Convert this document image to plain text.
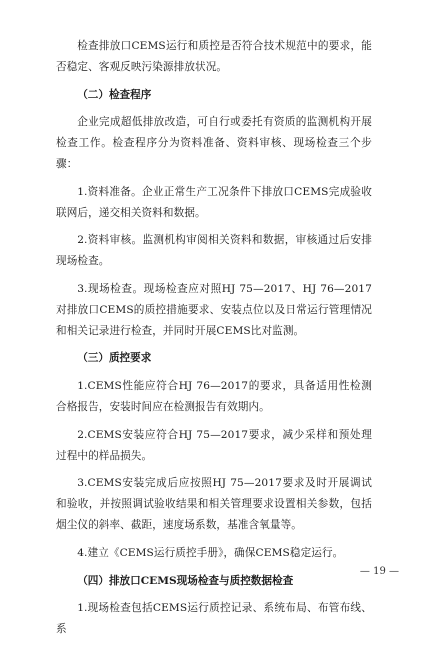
检查排放口CEMS运行和质控是否符合技术规范中的要求，能否稳定、客观反映污染源排放状况。

（二）检查程序

企业完成超低排放改造，可自行或委托有资质的监测机构开展检查工作。检查程序分为资料准备、资料审核、现场检查三个步骤：

1.资料准备。企业正常生产工况条件下排放口CEMS完成验收联网后，递交相关资料和数据。

2.资料审核。监测机构审阅相关资料和数据，审核通过后安排现场检查。

3.现场检查。现场检查应对照HJ 75—2017、HJ 76—2017对排放口CEMS的质控措施要求、安装点位以及日常运行管理情况和相关记录进行检查，并同时开展CEMS比对监测。

（三）质控要求

1.CEMS性能应符合HJ 76—2017的要求，具备适用性检测合格报告，安装时间应在检测报告有效期内。

2.CEMS安装应符合HJ 75—2017要求，减少采样和预处理过程中的样品损失。

3.CEMS安装完成后应按照HJ 75—2017要求及时开展调试和验收，并按照调试验收结果和相关管理要求设置相关参数，包括烟尘仪的斜率、截距，速度场系数，基准含氧量等。

4.建立《CEMS运行质控手册》，确保CEMS稳定运行。

（四）排放口CEMS现场检查与质控数据检查

1.现场检查包括CEMS运行质控记录、系统布局、布管布线、系

— 19 —
